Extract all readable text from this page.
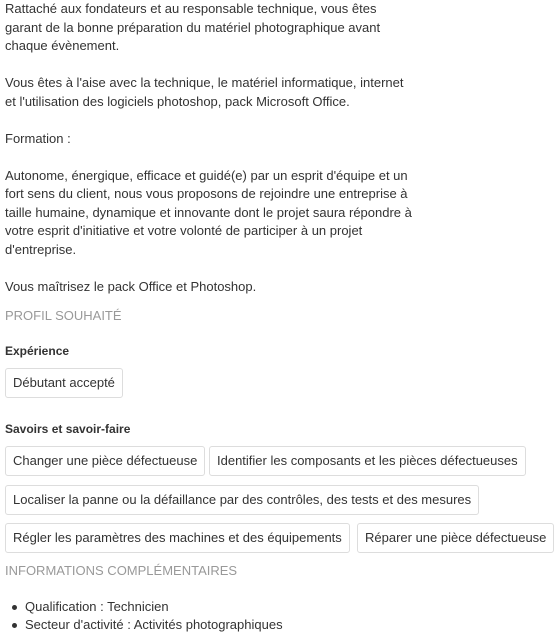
Rattaché aux fondateurs et au responsable technique, vous êtes
garant de la bonne préparation du matériel photographique avant
chaque évènement.

Vous êtes à l'aise avec la technique, le matériel informatique, internet
et l'utilisation des logiciels photoshop, pack Microsoft Office.

Formation :

Autonome, énergique, efficace et guidé(e) par un esprit d'équipe et un
fort sens du client, nous vous proposons de rejoindre une entreprise à
taille humaine, dynamique et innovante dont le projet saura répondre à
votre esprit d'initiative et votre volonté de participer à un projet
d'entreprise.

Vous maîtrisez le pack Office et Photoshop.

PROFIL SOUHAITÉ
Expérience
Débutant accepté
Savoirs et savoir-faire
Changer une pièce défectueuse	Identifier les composants et les pièces défectueuses
Localiser la panne ou la défaillance par des contrôles, des tests et des mesures
Régler les paramètres des machines et des équipements	Réparer une pièce défectueuse
INFORMATIONS COMPLÉMENTAIRES
Qualification : Technicien
Secteur d'activité : Activités photographiques
